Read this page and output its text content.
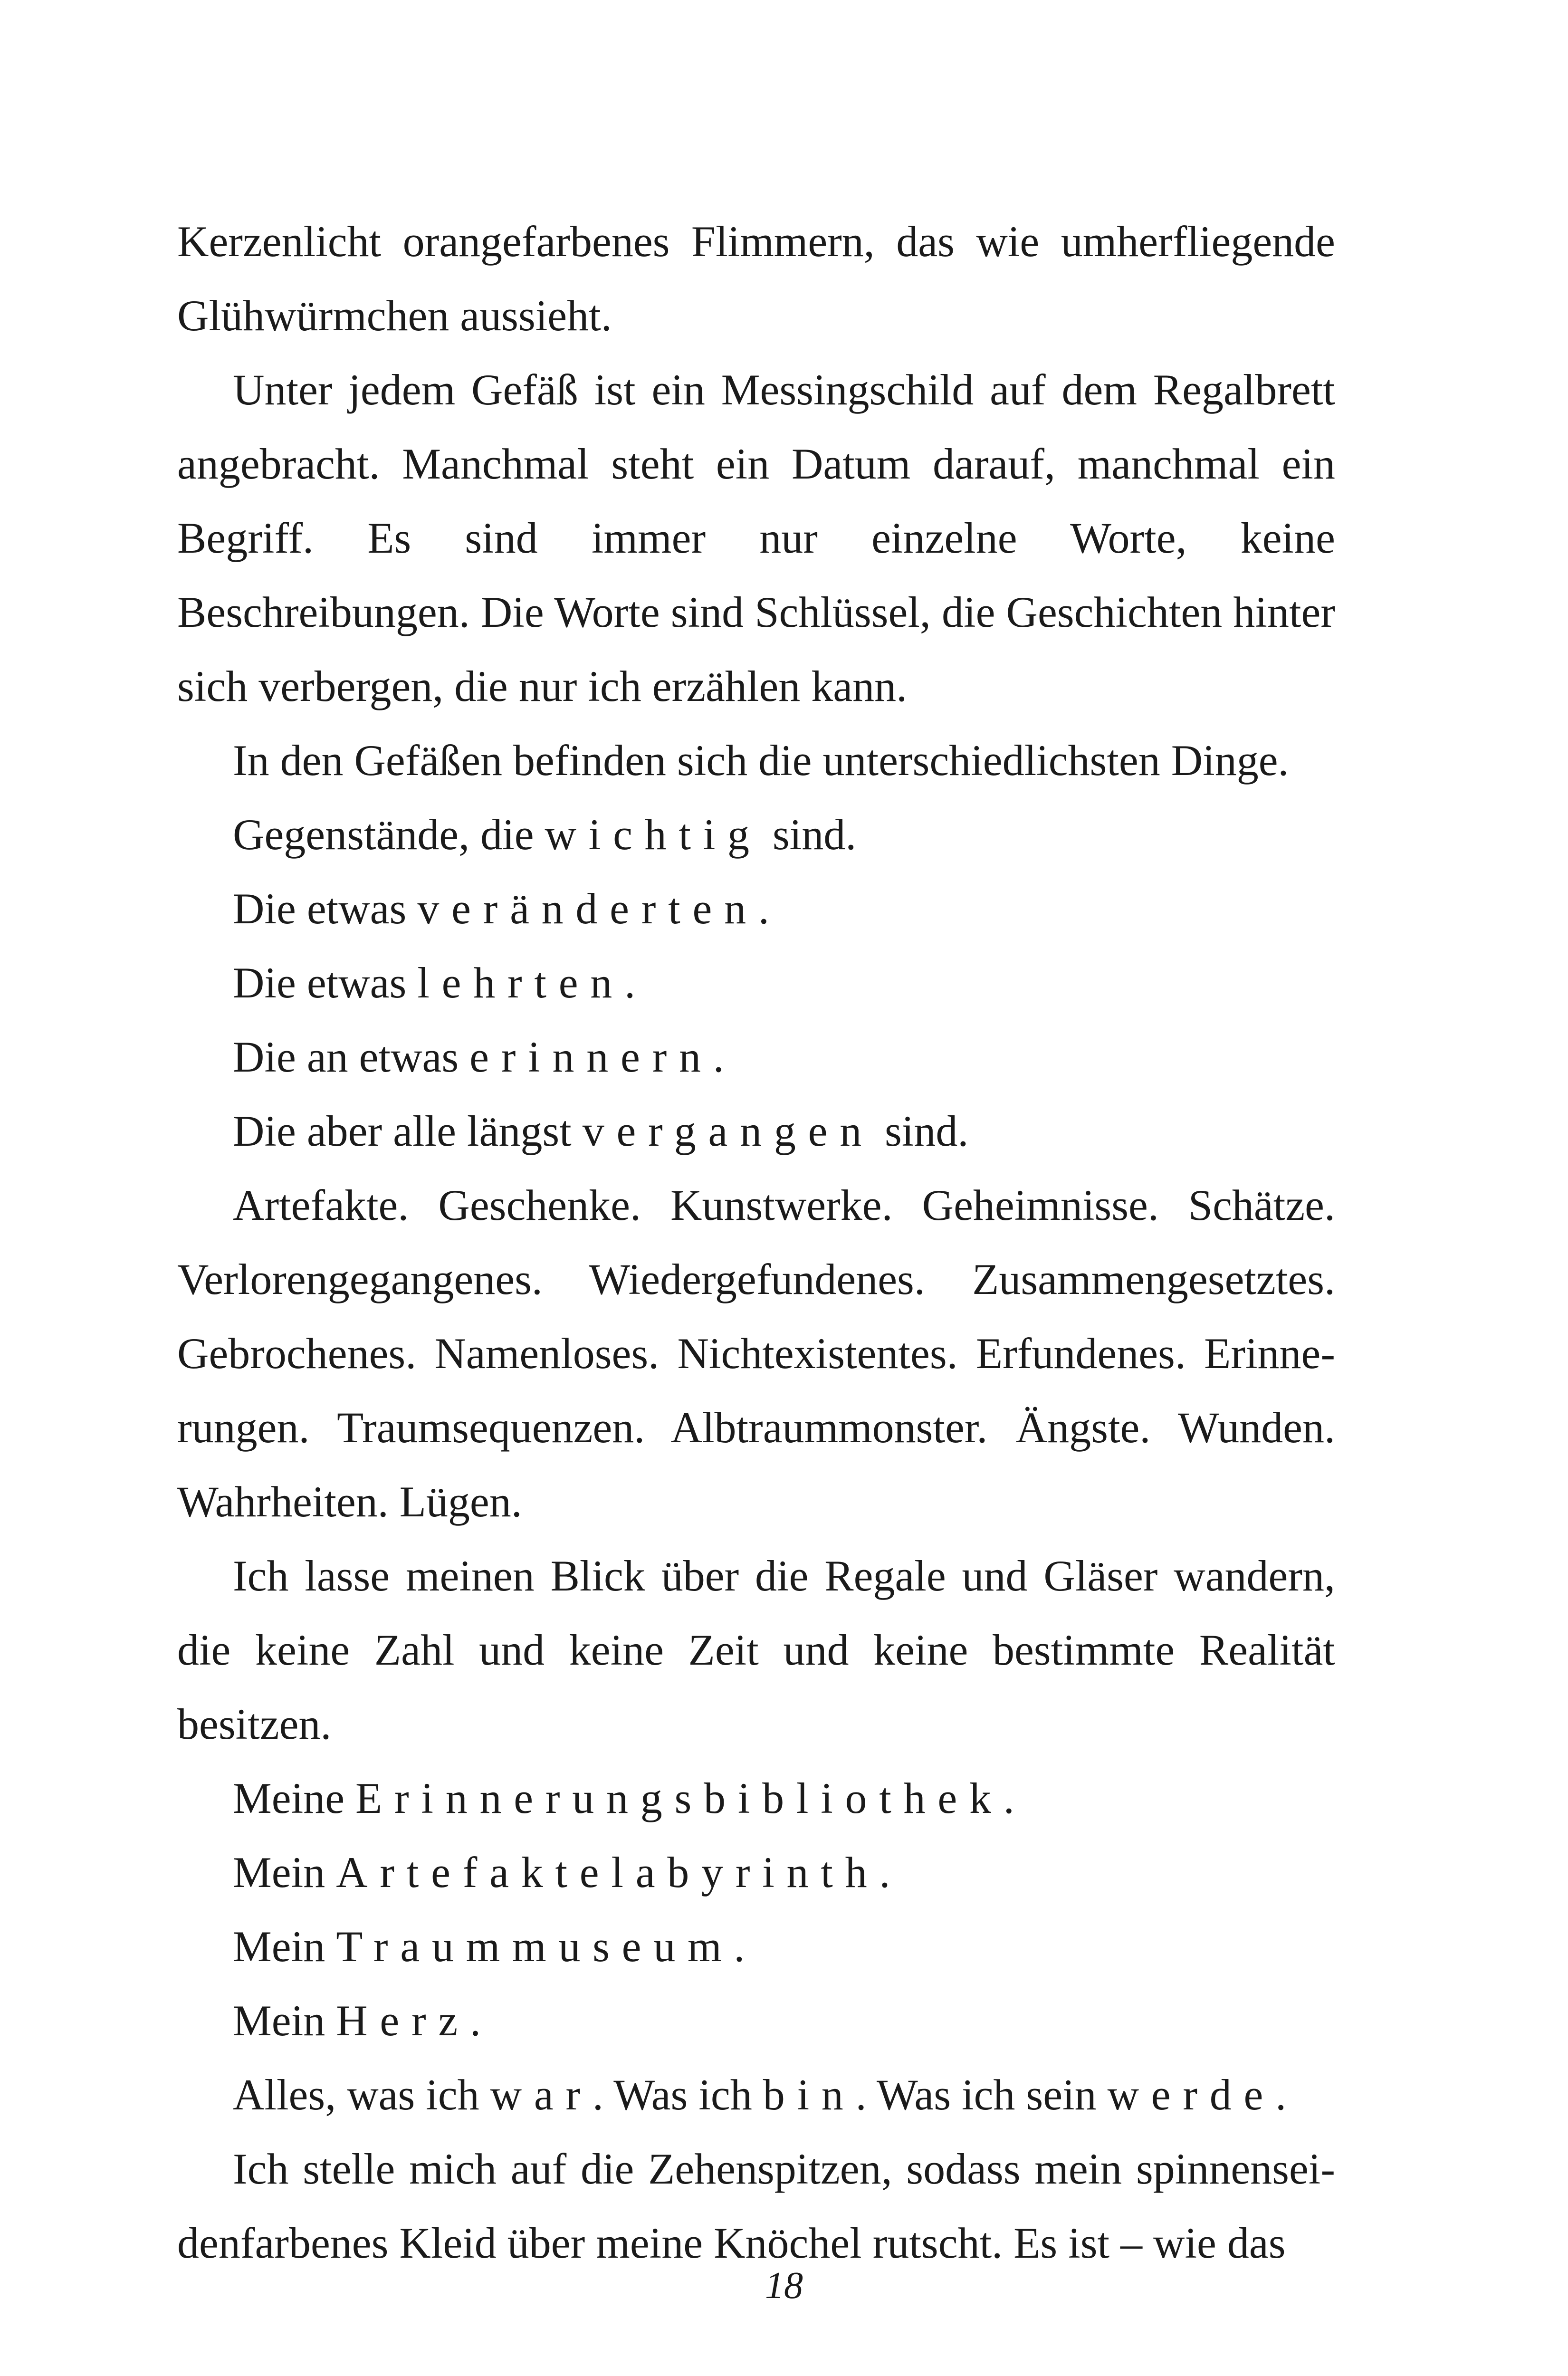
Kerzenlicht orangefarbenes Flimmern, das wie umherfliegende Glühwürmchen aussieht.

Unter jedem Gefäß ist ein Messingschild auf dem Regalbrett angebracht. Manchmal steht ein Datum darauf, manchmal ein Begriff. Es sind immer nur einzelne Worte, keine Beschreibungen. Die Worte sind Schlüssel, die Geschichten hinter sich verbergen, die nur ich erzählen kann.

In den Gefäßen befinden sich die unterschiedlichsten Dinge.

Gegenstände, die wichtig sind.

Die etwas veränderten.

Die etwas lehrten.

Die an etwas erinnern.

Die aber alle längst vergangen sind.

Artefakte. Geschenke. Kunstwerke. Geheimnisse. Schätze. Verlorengegangenes. Wiedergefundenes. Zusammengesetztes. Gebrochenes. Namenloses. Nichtexistentes. Erfundenes. Erinnerungen. Traumsequenzen. Albtraummonster. Ängste. Wunden. Wahrheiten. Lügen.

Ich lasse meinen Blick über die Regale und Gläser wandern, die keine Zahl und keine Zeit und keine bestimmte Realität besitzen.

Meine Erinnerungsbibliothek.

Mein Artefaktelabyrinth.

Mein Traummuseum.

Mein Herz.

Alles, was ich war. Was ich bin. Was ich sein werde.

Ich stelle mich auf die Zehenspitzen, sodass mein spinnenseidenfarbenes Kleid über meine Knöchel rutscht. Es ist – wie das

18
